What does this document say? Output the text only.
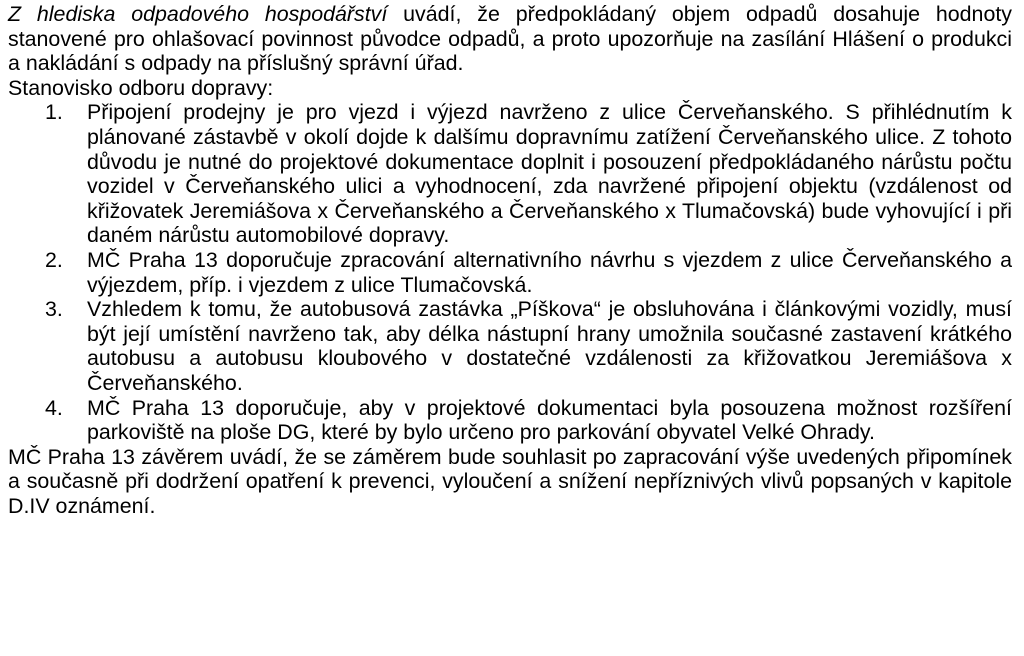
Z hlediska odpadového hospodářství uvádí, že předpokládaný objem odpadů dosahuje hodnoty stanovené pro ohlašovací povinnost původce odpadů, a proto upozorňuje na zasílání Hlášení o produkci a nakládání s odpady na příslušný správní úřad.

Stanovisko odboru dopravy:

1. Připojení prodejny je pro vjezd i výjezd navrženo z ulice Červeňanského. S přihlédnutím k plánované zástavbě v okolí dojde k dalšímu dopravnímu zatížení Červeňanského ulice. Z tohoto důvodu je nutné do projektové dokumentace doplnit i posouzení předpokládaného nárůstu počtu vozidel v Červeňanského ulici a vyhodnocení, zda navržené připojení objektu (vzdálenost od křižovatek Jeremiášova x Červeňanského a Červeňanského x Tlumačovská) bude vyhovující i při daném nárůstu automobilové dopravy.
2. MČ Praha 13 doporučuje zpracování alternativního návrhu s vjezdem z ulice Červeňanského a výjezdem, příp. i vjezdem z ulice Tlumačovská.
3. Vzhledem k tomu, že autobusová zastávka „Píškova“ je obsluhována i článkovými vozidly, musí být její umístění navrženo tak, aby délka nástupní hrany umožnila současné zastavení krátkého autobusu a autobusu kloubového v dostatečné vzdálenosti za křižovatkou Jeremiášova x Červeňanského.
4. MČ Praha 13 doporučuje, aby v projektové dokumentaci byla posouzena možnost rozšíření parkoviště na ploše DG, které by bylo určeno pro parkování obyvatel Velké Ohrady.

MČ Praha 13 závěrem uvádí, že se záměrem bude souhlasit po zapracování výše uvedených připomínek a současně při dodržení opatření k prevenci, vyloučení a snížení nepříznivých vlivů popsaných v kapitole D.IV oznámení.
